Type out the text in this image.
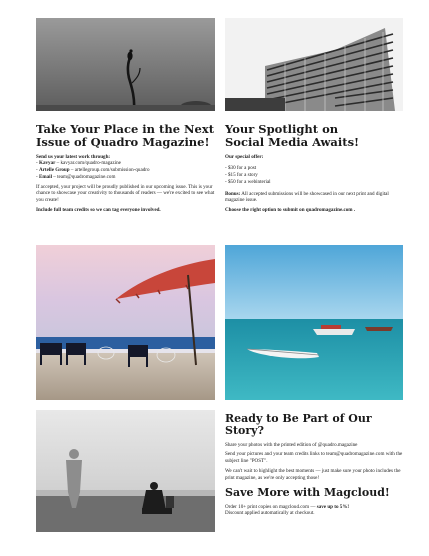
Take Your Place in the Next
Issue of Quadro Magazine!

Send us your latest work through:

- Kavyar – kavyar.com/quadro-magazine
- Artelle Group – artellegroup.com/submission-quadro
- Email – team@quadromagazine.com

If accepted, your project will be proudly published in our upcoming issue. This is your chance to showcase your creativity to thousands of readers — we're excited to see what you create!

Include full team credits so we can tag everyone involved.

Your Spotlight on
Social Media Awaits!

Our special offer:

- $30 for a post
- $15 for a story
- $50 for a webinterial

Bonus: All accepted submissions will be showcased in our next print and digital magazine issue.

Choose the right option to submit on quadromagazine.com .

Ready to Be Part of Our Story?

Share your photos with the printed edition of @quadro.magazine

Send your pictures and your team credits links to team@quadromagazine.com with the subject line "POST".

We can't wait to highlight the best moments — just make sure your photo includes the print magazine, as we're only accepting those!

Save More with Magcloud!

Order 10+ print copies on magcloud.com — save up to 5%!

Discount applied automatically at checkout.
